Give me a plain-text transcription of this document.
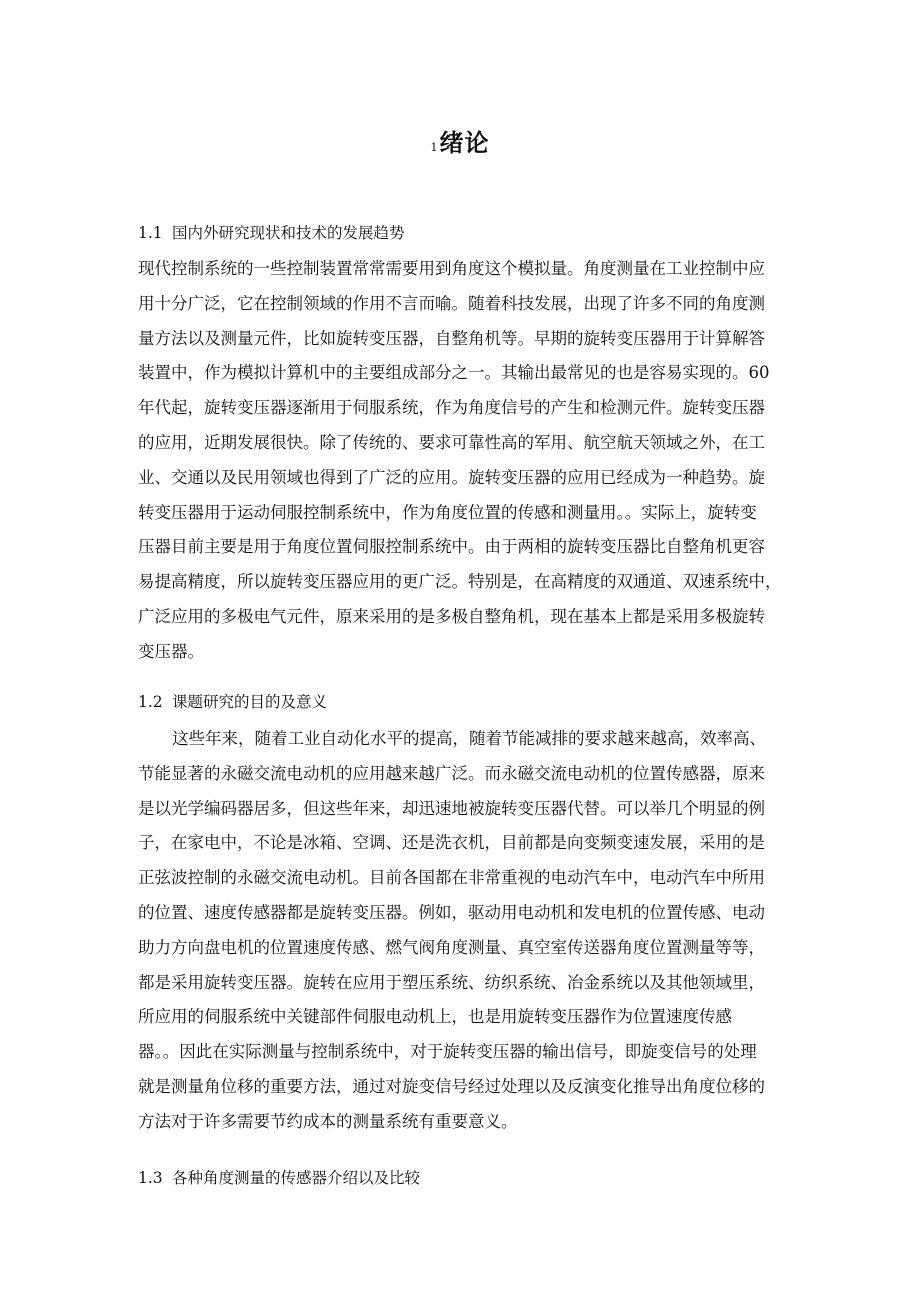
1绪论
1.1 国内外研究现状和技术的发展趋势
现代控制系统的一些控制装置常常需要用到角度这个模拟量。角度测量在工业控制中应
用十分广泛，它在控制领域的作用不言而喻。随着科技发展，出现了许多不同的角度测
量方法以及测量元件，比如旋转变压器，自整角机等。早期的旋转变压器用于计算解答
装置中，作为模拟计算机中的主要组成部分之一。其输出最常见的也是容易实现的。60
年代起，旋转变压器逐渐用于伺服系统，作为角度信号的产生和检测元件。旋转变压器
的应用，近期发展很快。除了传统的、要求可靠性高的军用、航空航天领域之外，在工
业、交通以及民用领域也得到了广泛的应用。旋转变压器的应用已经成为一种趋势。旋
转变压器用于运动伺服控制系统中，作为角度位置的传感和测量用。。实际上，旋转变
压器目前主要是用于角度位置伺服控制系统中。由于两相的旋转变压器比自整角机更容
易提高精度，所以旋转变压器应用的更广泛。特别是，在高精度的双通道、双速系统中，
广泛应用的多极电气元件，原来采用的是多极自整角机，现在基本上都是采用多极旋转
变压器。
1.2 课题研究的目的及意义
这些年来，随着工业自动化水平的提高，随着节能减排的要求越来越高，效率高、
节能显著的永磁交流电动机的应用越来越广泛。而永磁交流电动机的位置传感器，原来
是以光学编码器居多，但这些年来，却迅速地被旋转变压器代替。可以举几个明显的例
子，在家电中，不论是冰箱、空调、还是洗衣机，目前都是向变频变速发展，采用的是
正弦波控制的永磁交流电动机。目前各国都在非常重视的电动汽车中，电动汽车中所用
的位置、速度传感器都是旋转变压器。例如，驱动用电动机和发电机的位置传感、电动
助力方向盘电机的位置速度传感、燃气阀角度测量、真空室传送器角度位置测量等等，
都是采用旋转变压器。旋转在应用于塑压系统、纺织系统、冶金系统以及其他领域里，
所应用的伺服系统中关键部件伺服电动机上，也是用旋转变压器作为位置速度传感
器。。因此在实际测量与控制系统中，对于旋转变压器的输出信号，即旋变信号的处理
就是测量角位移的重要方法，通过对旋变信号经过处理以及反演变化推导出角度位移的
方法对于许多需要节约成本的测量系统有重要意义。
1.3 各种角度测量的传感器介绍以及比较
